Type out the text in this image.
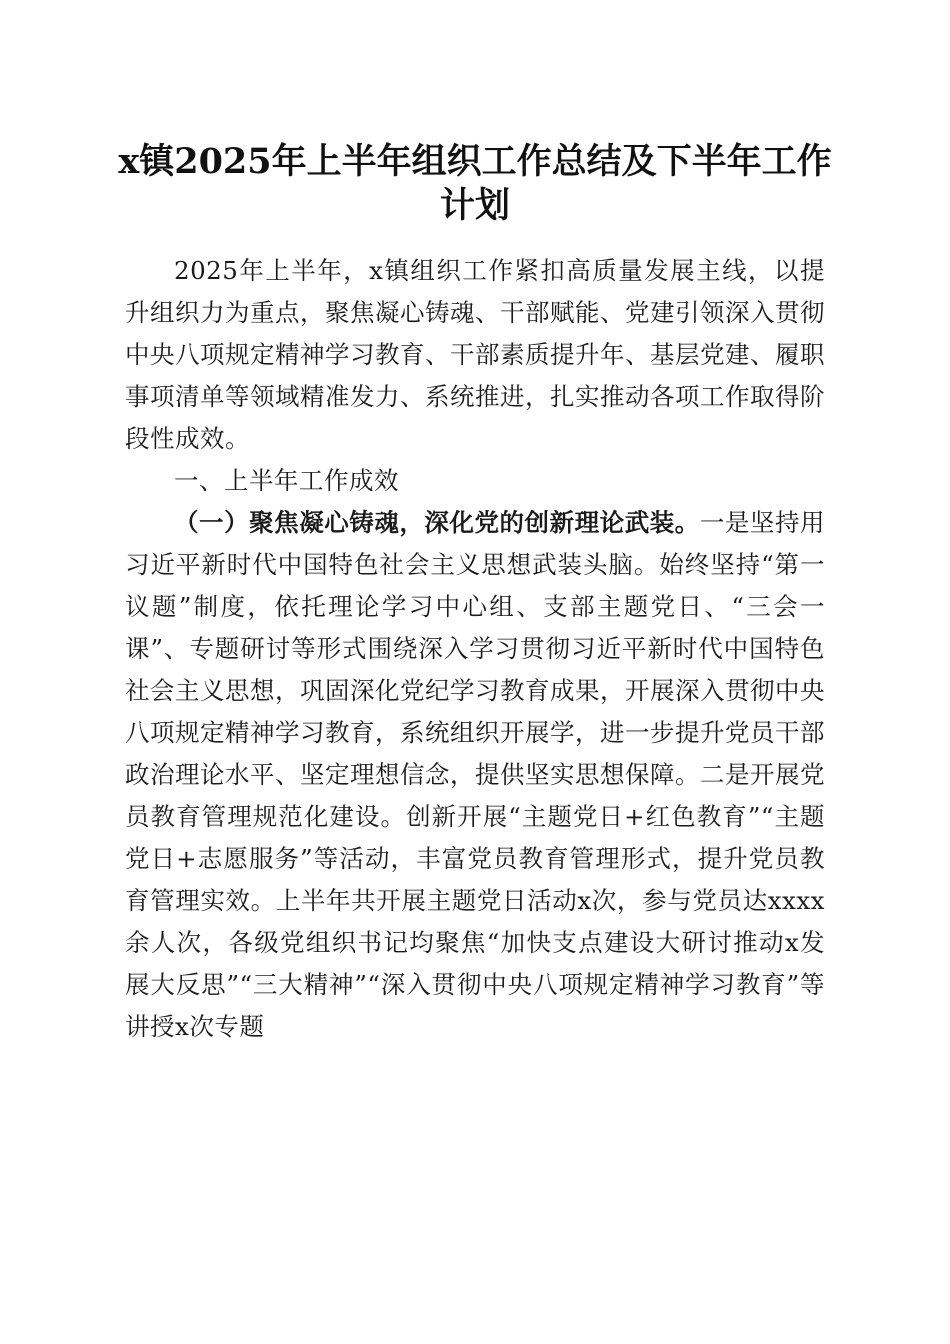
x镇2025年上半年组织工作总结及下半年工作
计划

2025年上半年，x镇组织工作紧扣高质量发展主线，以提升组织力为重点，聚焦凝心铸魂、干部赋能、党建引领深入贯彻中央八项规定精神学习教育、干部素质提升年、基层党建、履职事项清单等领域精准发力、系统推进，扎实推动各项工作取得阶段性成效。

一、上半年工作成效

（一）聚焦凝心铸魂，深化党的创新理论武装。一是坚持用习近平新时代中国特色社会主义思想武装头脑。始终坚持“第一议题”制度，依托理论学习中心组、支部主题党日、“三会一课”、专题研讨等形式围绕深入学习贯彻习近平新时代中国特色社会主义思想，巩固深化党纪学习教育成果，开展深入贯彻中央八项规定精神学习教育，系统组织开展学，进一步提升党员干部政治理论水平、坚定理想信念，提供坚实思想保障。二是开展党员教育管理规范化建设。创新开展“主题党日+红色教育”“主题党日+志愿服务”等活动，丰富党员教育管理形式，提升党员教育管理实效。上半年共开展主题党日活动x次，参与党员达xxxx余人次，各级党组织书记均聚焦“加快支点建设大研讨推动x发展大反思”“三大精神”“深入贯彻中央八项规定精神学习教育”等讲授x次专题
